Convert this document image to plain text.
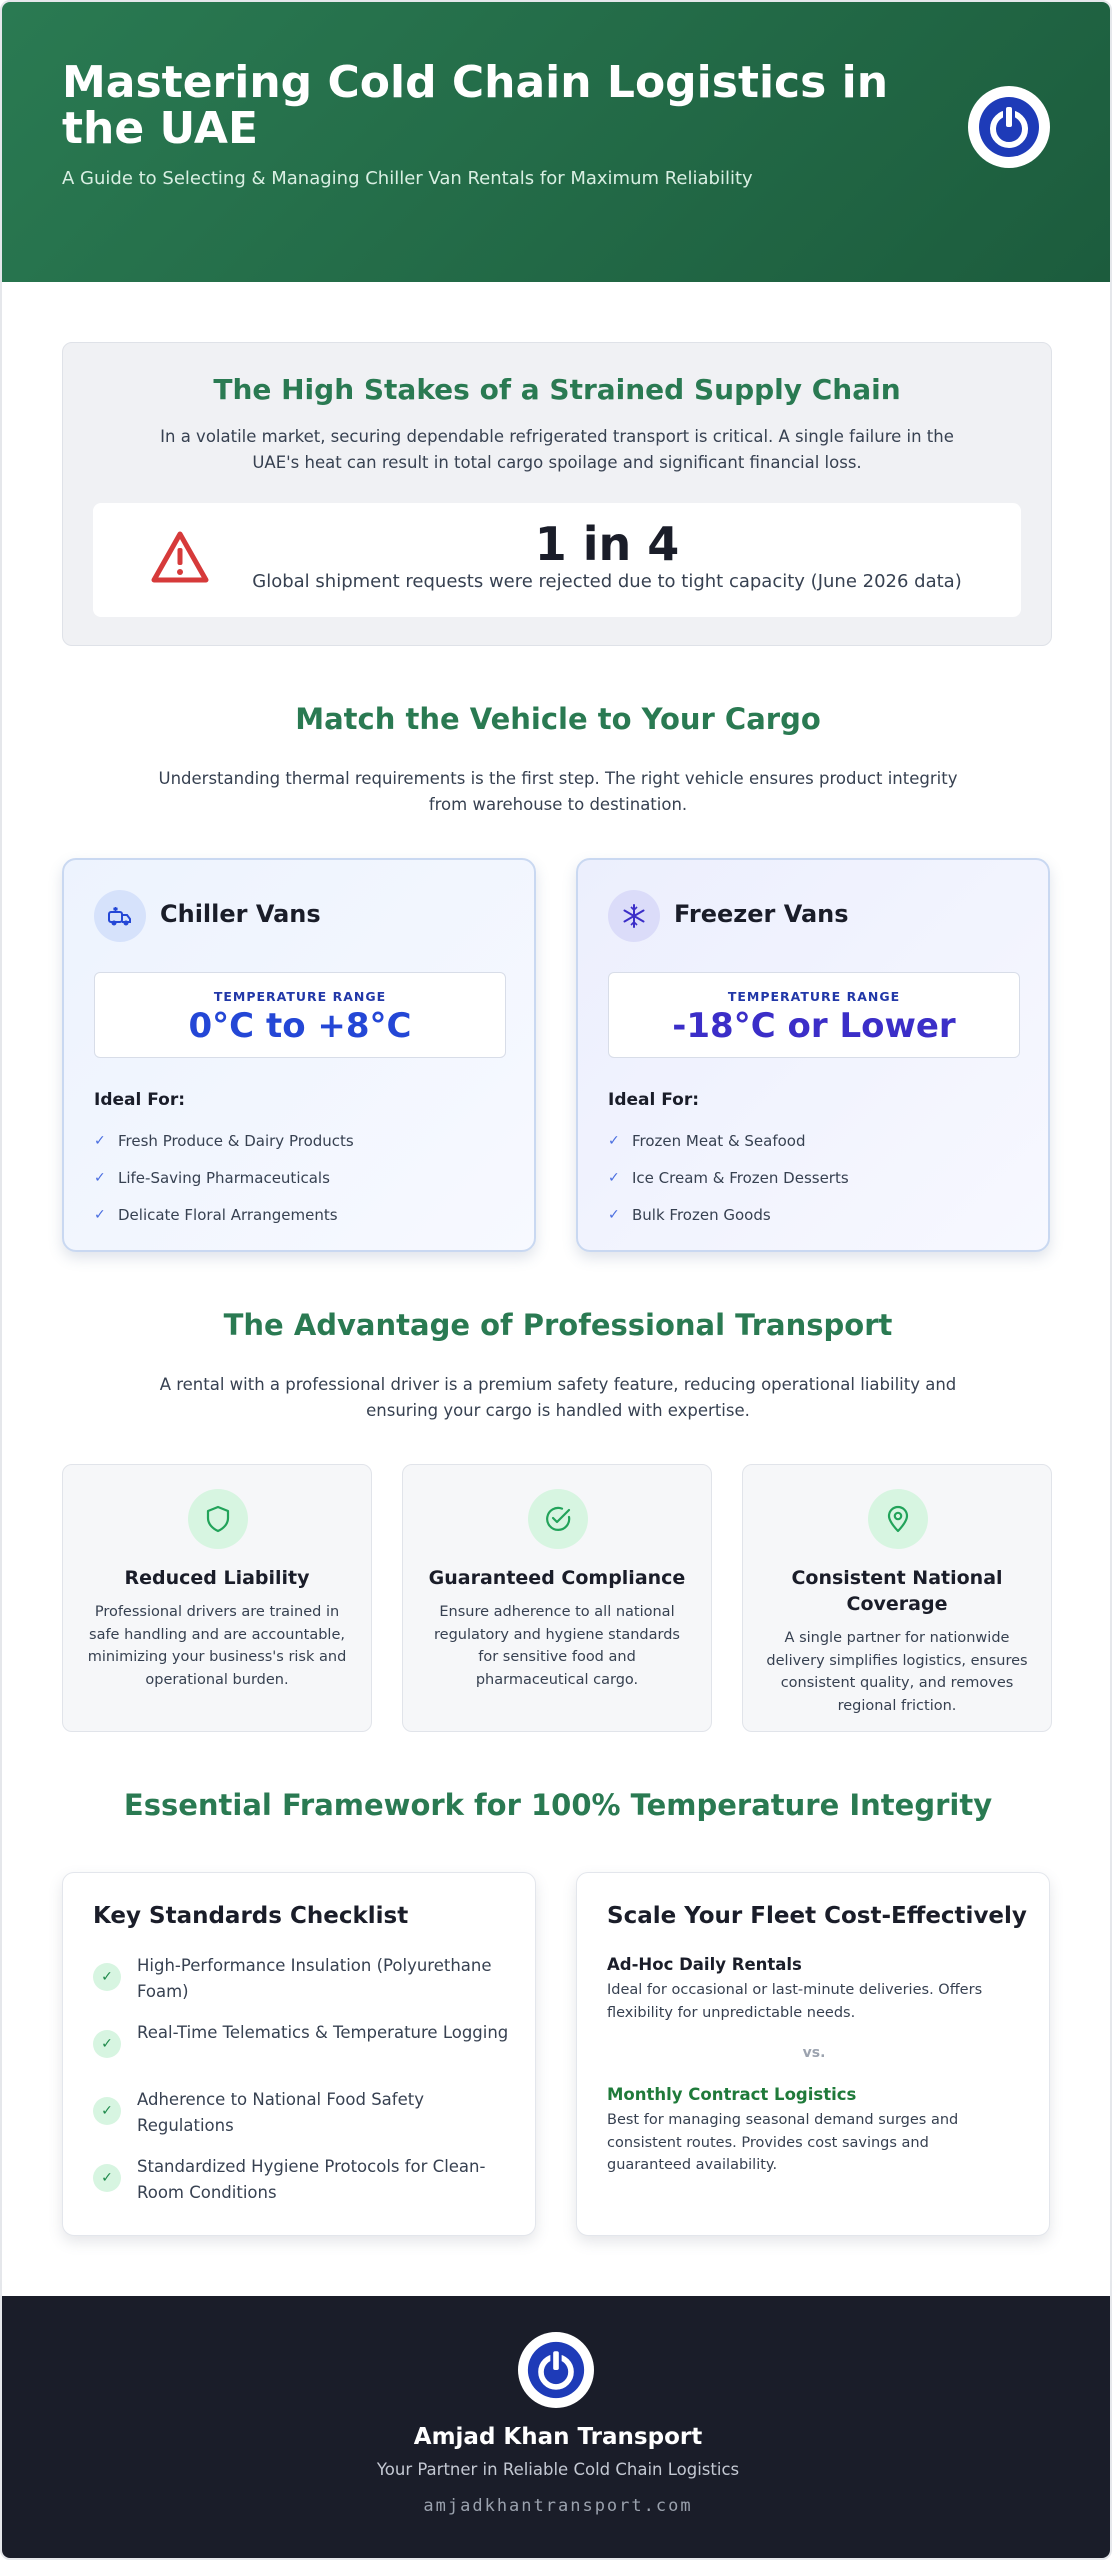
Mastering Cold Chain Logistics in the UAE
A Guide to Selecting & Managing Chiller Van Rentals for Maximum Reliability
The High Stakes of a Strained Supply Chain

In a volatile market, securing dependable refrigerated transport is critical. A single failure in the UAE's heat can result in total cargo spoilage and significant financial loss.

1 in 4
Global shipment requests were rejected due to tight capacity (June 2026 data)
Match the Vehicle to Your Cargo
Understanding thermal requirements is the first step. The right vehicle ensures product integrity from warehouse to destination.
Chiller Vans
TEMPERATURE RANGE
0°C to +8°C
Ideal For:
✓ Fresh Produce & Dairy Products
✓ Life-Saving Pharmaceuticals
✓ Delicate Floral Arrangements
Freezer Vans
TEMPERATURE RANGE
-18°C or Lower
Ideal For:
✓ Frozen Meat & Seafood
✓ Ice Cream & Frozen Desserts
✓ Bulk Frozen Goods
The Advantage of Professional Transport
A rental with a professional driver is a premium safety feature, reducing operational liability and ensuring your cargo is handled with expertise.
Reduced Liability
Professional drivers are trained in safe handling and are accountable, minimizing your business's risk and operational burden.
Guaranteed Compliance
Ensure adherence to all national regulatory and hygiene standards for sensitive food and pharmaceutical cargo.
Consistent National Coverage
A single partner for nationwide delivery simplifies logistics, ensures consistent quality, and removes regional friction.
Essential Framework for 100% Temperature Integrity
Key Standards Checklist
✓
High-Performance Insulation (Polyurethane Foam)
✓
Real-Time Telematics & Temperature Logging
✓
Adherence to National Food Safety Regulations
✓
Standardized Hygiene Protocols for Clean-Room Conditions
Scale Your Fleet Cost-Effectively
Ad-Hoc Daily Rentals
Ideal for occasional or last-minute deliveries. Offers flexibility for unpredictable needs.
vs.
Monthly Contract Logistics
Best for managing seasonal demand surges and consistent routes. Provides cost savings and guaranteed availability.
Amjad Khan Transport
Your Partner in Reliable Cold Chain Logistics
amjadkhantransport.com
